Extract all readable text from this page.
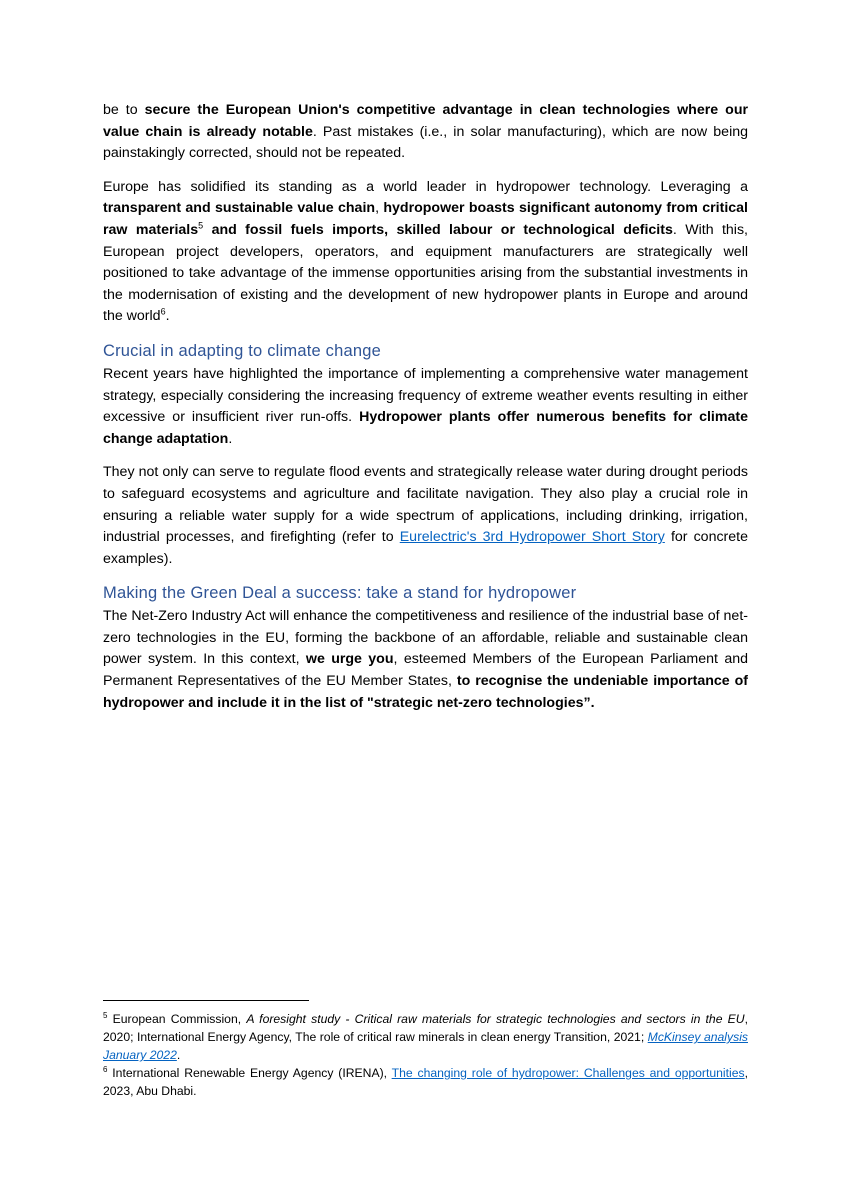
be to secure the European Union's competitive advantage in clean technologies where our value chain is already notable. Past mistakes (i.e., in solar manufacturing), which are now being painstakingly corrected, should not be repeated.

Europe has solidified its standing as a world leader in hydropower technology. Leveraging a transparent and sustainable value chain, hydropower boasts significant autonomy from critical raw materials$^5$ and fossil fuels imports, skilled labour or technological deficits. With this, European project developers, operators, and equipment manufacturers are strategically well positioned to take advantage of the immense opportunities arising from the substantial investments in the modernisation of existing and the development of new hydropower plants in Europe and around the world$^6$.

Crucial in adapting to climate change

Recent years have highlighted the importance of implementing a comprehensive water management strategy, especially considering the increasing frequency of extreme weather events resulting in either excessive or insufficient river run-offs. Hydropower plants offer numerous benefits for climate change adaptation.

They not only can serve to regulate flood events and strategically release water during drought periods to safeguard ecosystems and agriculture and facilitate navigation. They also play a crucial role in ensuring a reliable water supply for a wide spectrum of applications, including drinking, irrigation, industrial processes, and firefighting (refer to Eurelectric's 3rd Hydropower Short Story for concrete examples).

Making the Green Deal a success: take a stand for hydropower

The Net-Zero Industry Act will enhance the competitiveness and resilience of the industrial base of net-zero technologies in the EU, forming the backbone of an affordable, reliable and sustainable clean power system. In this context, we urge you, esteemed Members of the European Parliament and Permanent Representatives of the EU Member States, to recognise the undeniable importance of hydropower and include it in the list of "strategic net-zero technologies”.

$^5$ European Commission, A foresight study - Critical raw materials for strategic technologies and sectors in the EU, 2020; International Energy Agency, The role of critical raw minerals in clean energy Transition, 2021; McKinsey analysis January 2022.

$^6$ International Renewable Energy Agency (IRENA), The changing role of hydropower: Challenges and opportunities, 2023, Abu Dhabi.
